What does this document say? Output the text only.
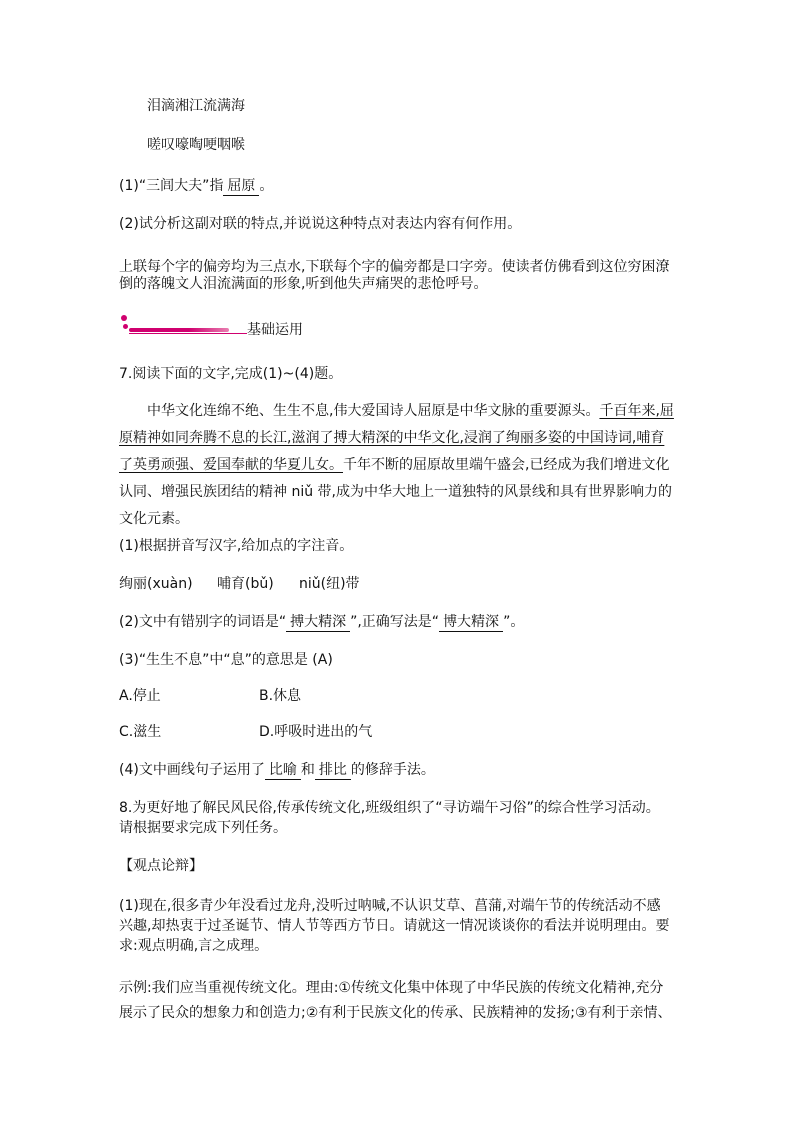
泪滴湘江流满海
嗟叹嚎啕哽咽喉
(1)“三闾大夫”指 屈原 。
(2)试分析这副对联的特点,并说说这种特点对表达内容有何作用。
上联每个字的偏旁均为三点水,下联每个字的偏旁都是口字旁。使读者仿佛看到这位穷困潦
倒的落魄文人泪流满面的形象,听到他失声痛哭的悲怆呼号。
基础运用
7.阅读下面的文字,完成(1)~(4)题。
中华文化连绵不绝、生生不息,伟大爱国诗人屈原是中华文脉的重要源头。千百年来,屈
原精神如同奔腾不息的长江,滋润了搏大精深的中华文化,浸润了绚丽多姿的中国诗词,哺育
了英勇顽强、爱国奉献的华夏儿女。千年不断的屈原故里端午盛会,已经成为我们增进文化
认同、增强民族团结的精神 niǔ 带,成为中华大地上一道独特的风景线和具有世界影响力的
文化元素。
(1)根据拼音写汉字,给加点的字注音。
绚丽(xuàn) 哺育(bǔ) niǔ(纽)带
(2)文中有错别字的词语是“ 搏大精深 ”,正确写法是“ 博大精深 ”。
(3)“生生不息”中“息”的意思是 (A)
A.停止	B.休息
C.滋生	D.呼吸时进出的气
(4)文中画线句子运用了 比喻 和 排比 的修辞手法。
8.为更好地了解民风民俗,传承传统文化,班级组织了“寻访端午习俗”的综合性学习活动。
请根据要求完成下列任务。
【观点论辩】
(1)现在,很多青少年没看过龙舟,没听过呐喊,不认识艾草、菖蒲,对端午节的传统活动不感
兴趣,却热衷于过圣诞节、情人节等西方节日。请就这一情况谈谈你的看法并说明理由。要
求:观点明确,言之成理。
示例:我们应当重视传统文化。理由:①传统文化集中体现了中华民族的传统文化精神,充分
展示了民众的想象力和创造力;②有利于民族文化的传承、民族精神的发扬;③有利于亲情、
